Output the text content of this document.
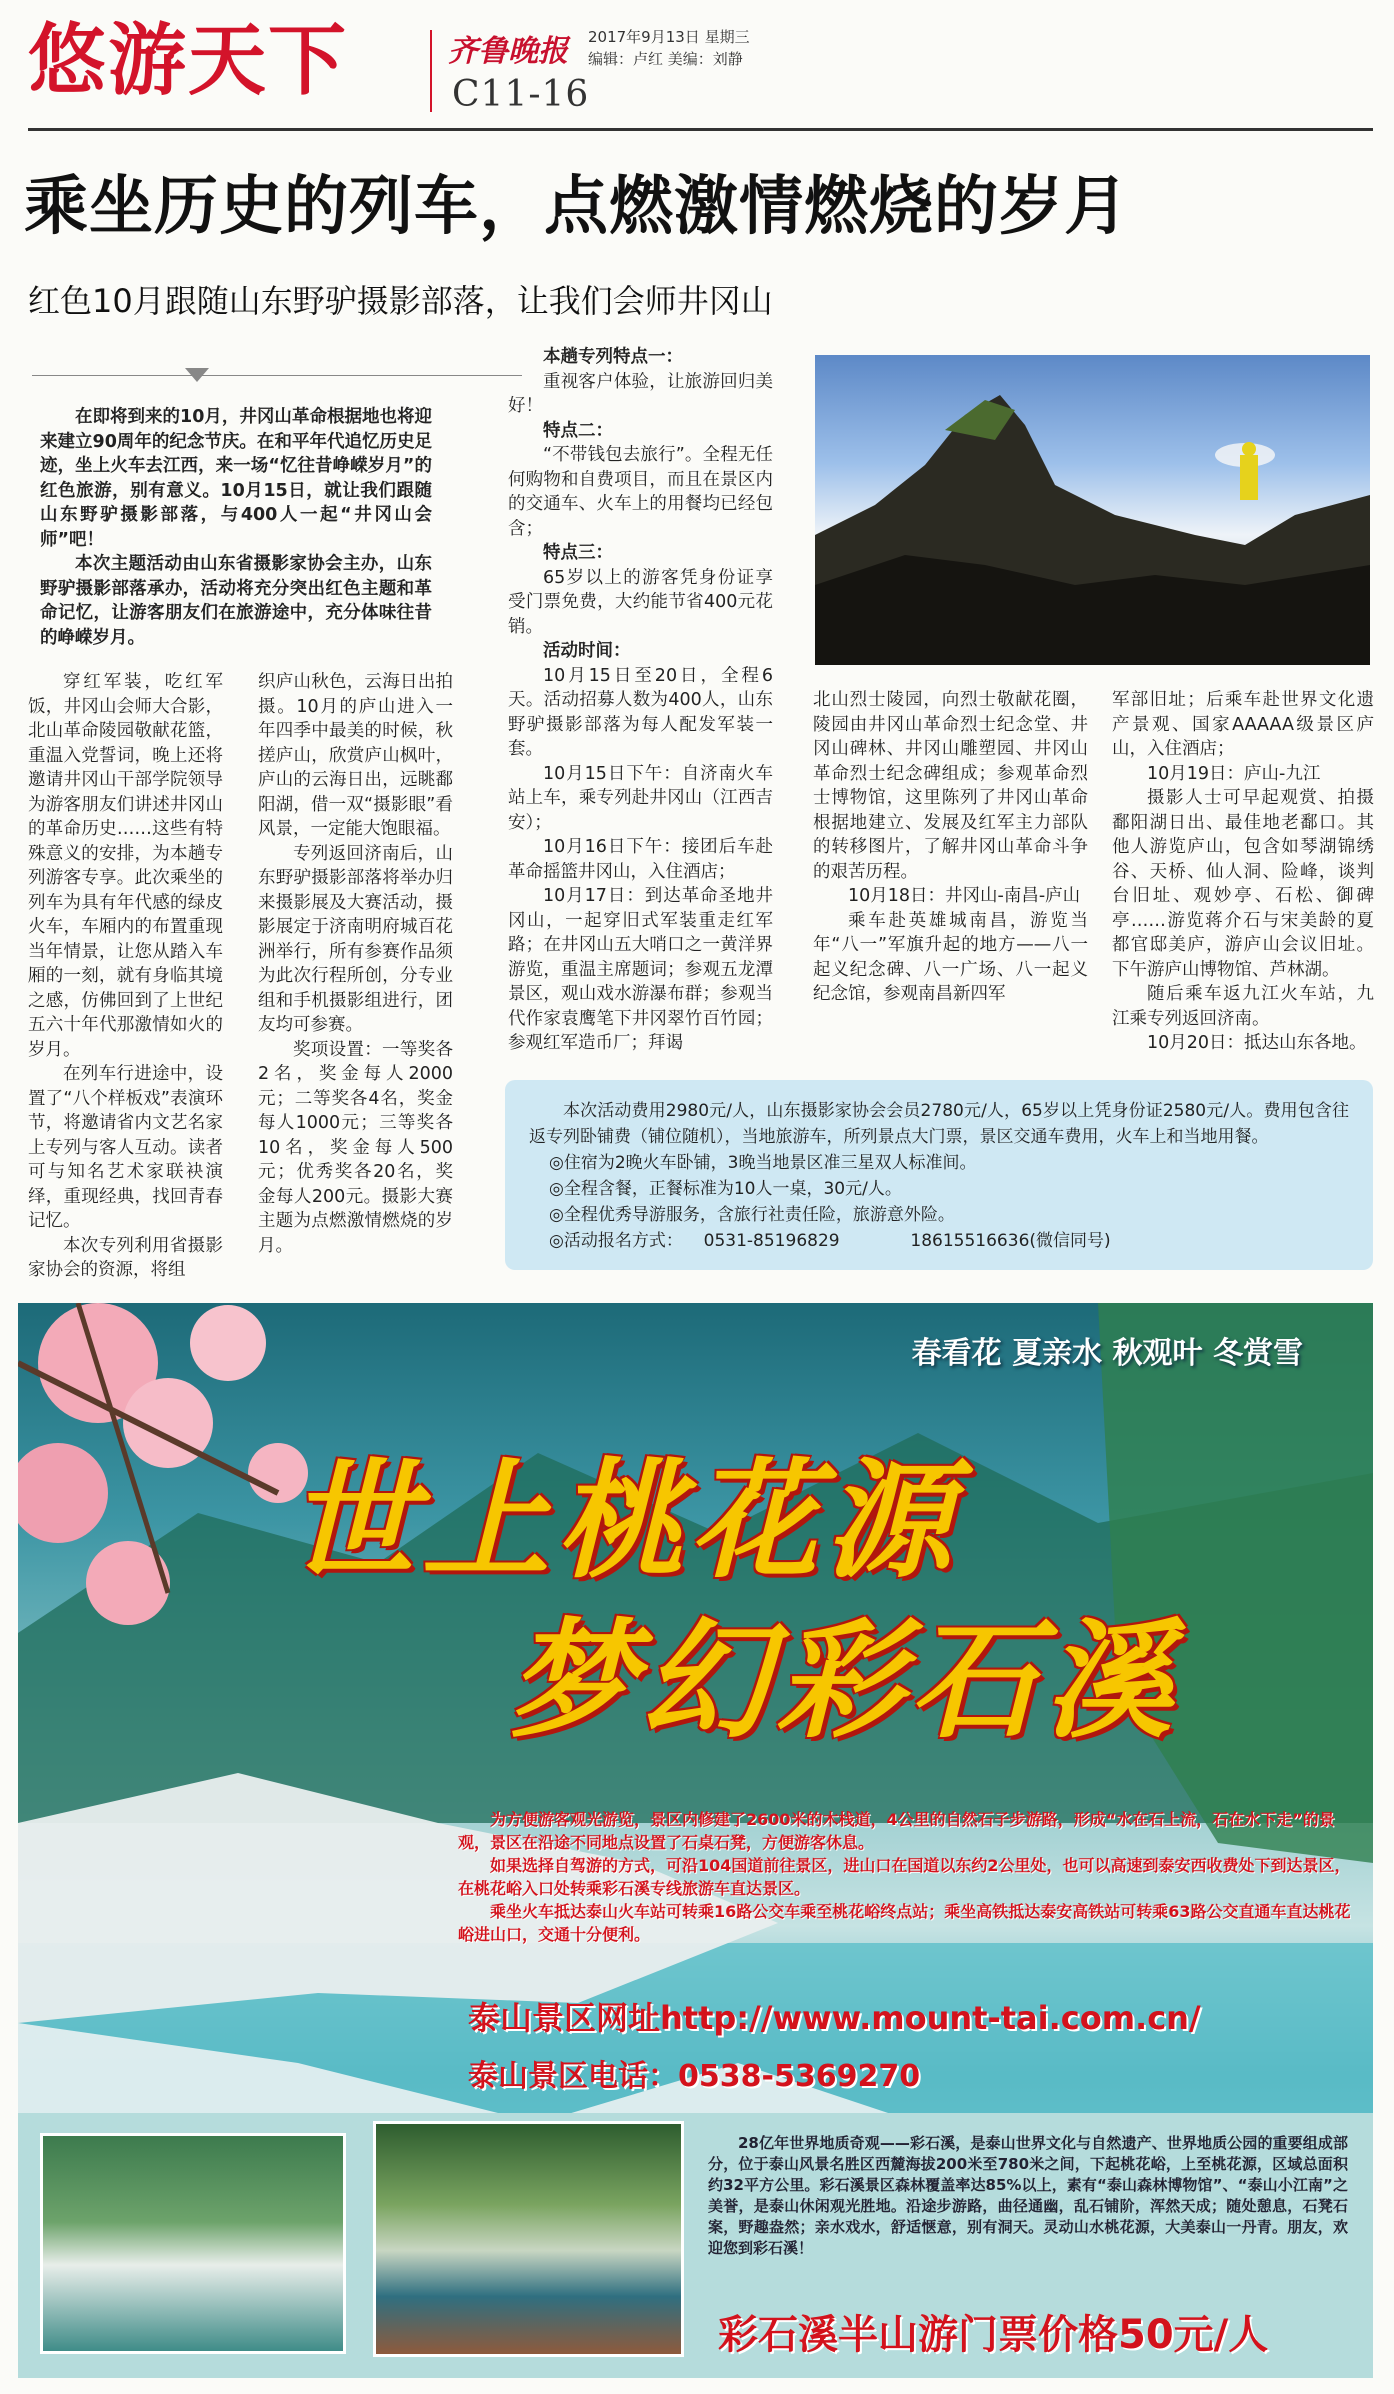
悠游天下	齐鲁晚报
C11-16
2017年9月13日 星期三
编辑：卢红 美编：刘静
乘坐历史的列车，点燃激情燃烧的岁月
红色10月跟随山东野驴摄影部落，让我们会师井冈山

在即将到来的10月，井冈山革命根据地也将迎来建立90周年的纪念节庆。在和平年代追忆历史足迹，坐上火车去江西，来一场“忆往昔峥嵘岁月”的红色旅游，别有意义。10月15日，就让我们跟随山东野驴摄影部落，与400人一起“井冈山会师”吧！

本次主题活动由山东省摄影家协会主办，山东野驴摄影部落承办，活动将充分突出红色主题和革命记忆，让游客朋友们在旅游途中，充分体味往昔的峥嵘岁月。

穿红军装，吃红军饭，井冈山会师大合影，北山革命陵园敬献花篮，重温入党誓词，晚上还将邀请井冈山干部学院领导为游客朋友们讲述井冈山的革命历史……这些有特殊意义的安排，为本趟专列游客专享。此次乘坐的列车为具有年代感的绿皮火车，车厢内的布置重现当年情景，让您从踏入车厢的一刻，就有身临其境之感，仿佛回到了上世纪五六十年代那激情如火的岁月。

在列车行进途中，设置了“八个样板戏”表演环节，将邀请省内文艺名家上专列与客人互动。读者可与知名艺术家联袂演绎，重现经典，找回青春记忆。

本次专列利用省摄影家协会的资源，将组

织庐山秋色，云海日出拍摄。10月的庐山进入一年四季中最美的时候，秋搓庐山，欣赏庐山枫叶，庐山的云海日出，远眺鄱阳湖，借一双“摄影眼”看风景，一定能大饱眼福。

专列返回济南后，山东野驴摄影部落将举办归来摄影展及大赛活动，摄影展定于济南明府城百花洲举行，所有参赛作品须为此次行程所创，分专业组和手机摄影组进行，团友均可参赛。

奖项设置：一等奖各2名，奖金每人2000元；二等奖各4名，奖金每人1000元；三等奖各10名，奖金每人500元；优秀奖各20名，奖金每人200元。摄影大赛主题为点燃激情燃烧的岁月。

本趟专列特点一：

重视客户体验，让旅游回归美好！

特点二：

“不带钱包去旅行”。全程无任何购物和自费项目，而且在景区内的交通车、火车上的用餐均已经包含；

特点三：

65岁以上的游客凭身份证享受门票免费，大约能节省400元花销。

活动时间：

10月15日至20日，全程6天。活动招募人数为400人，山东野驴摄影部落为每人配发军装一套。

10月15日下午：自济南火车站上车，乘专列赴井冈山（江西吉安）；

10月16日下午：接团后车赴革命摇篮井冈山，入住酒店；

10月17日：到达革命圣地井冈山，一起穿旧式军装重走红军路；在井冈山五大哨口之一黄洋界游览，重温主席题词；参观五龙潭景区，观山戏水游瀑布群；参观当代作家袁鹰笔下井冈翠竹百竹园；参观红军造币厂；拜谒

北山烈士陵园，向烈士敬献花圈，陵园由井冈山革命烈士纪念堂、井冈山碑林、井冈山雕塑园、井冈山革命烈士纪念碑组成；参观革命烈士博物馆，这里陈列了井冈山革命根据地建立、发展及红军主力部队的转移图片，了解井冈山革命斗争的艰苦历程。

10月18日：井冈山-南昌-庐山

乘车赴英雄城南昌，游览当年“八一”军旗升起的地方——八一起义纪念碑、八一广场、八一起义纪念馆，参观南昌新四军

军部旧址；后乘车赴世界文化遗产景观、国家AAAAA级景区庐山，入住酒店；

10月19日：庐山-九江

摄影人士可早起观赏、拍摄鄱阳湖日出、最佳地老鄱口。其他人游览庐山，包含如琴湖锦绣谷、天桥、仙人洞、险峰，谈判台旧址、观妙亭、石松、御碑亭……游览蒋介石与宋美龄的夏都官邸美庐，游庐山会议旧址。下午游庐山博物馆、芦林湖。

随后乘车返九江火车站，九江乘专列返回济南。

10月20日：抵达山东各地。

本次活动费用2980元/人，山东摄影家协会会员2780元/人，65岁以上凭身份证2580元/人。费用包含往返专列卧铺费（铺位随机），当地旅游车，所列景点大门票，景区交通车费用，火车上和当地用餐。

◎住宿为2晚火车卧铺，3晚当地景区准三星双人标准间。
◎全程含餐，正餐标准为10人一桌，30元/人。
◎全程优秀导游服务，含旅行社责任险，旅游意外险。
◎活动报名方式： 0531-85196829	18615516636(微信同号)
春看花 夏亲水 秋观叶 冬赏雪
世上桃花源
梦幻彩石溪
为方便游客观光游览，景区内修建了2600米的木栈道，4公里的自然石子步游路，形成“水在石上流，石在水下走”的景观，景区在沿途不同地点设置了石桌石凳，方便游客休息。
如果选择自驾游的方式，可沿104国道前往景区，进山口在国道以东约2公里处，也可以高速到泰安西收费处下到达景区，在桃花峪入口处转乘彩石溪专线旅游车直达景区。
乘坐火车抵达泰山火车站可转乘16路公交车乘至桃花峪终点站；乘坐高铁抵达泰安高铁站可转乘63路公交直通车直达桃花峪进山口，交通十分便利。
泰山景区网址http://www.mount-tai.com.cn/
泰山景区电话：0538-5369270
28亿年世界地质奇观——彩石溪，是泰山世界文化与自然遗产、世界地质公园的重要组成部分，位于泰山风景名胜区西麓海拔200米至780米之间，下起桃花峪，上至桃花源，区域总面积约32平方公里。彩石溪景区森林覆盖率达85%以上，素有“泰山森林博物馆”、“泰山小江南”之美誉，是泰山休闲观光胜地。沿途步游路，曲径通幽，乱石铺阶，浑然天成；随处憩息，石凳石案，野趣盎然；亲水戏水，舒适惬意，别有洞天。灵动山水桃花源，大美泰山一丹青。朋友，欢迎您到彩石溪！
彩石溪半山游门票价格50元/人
